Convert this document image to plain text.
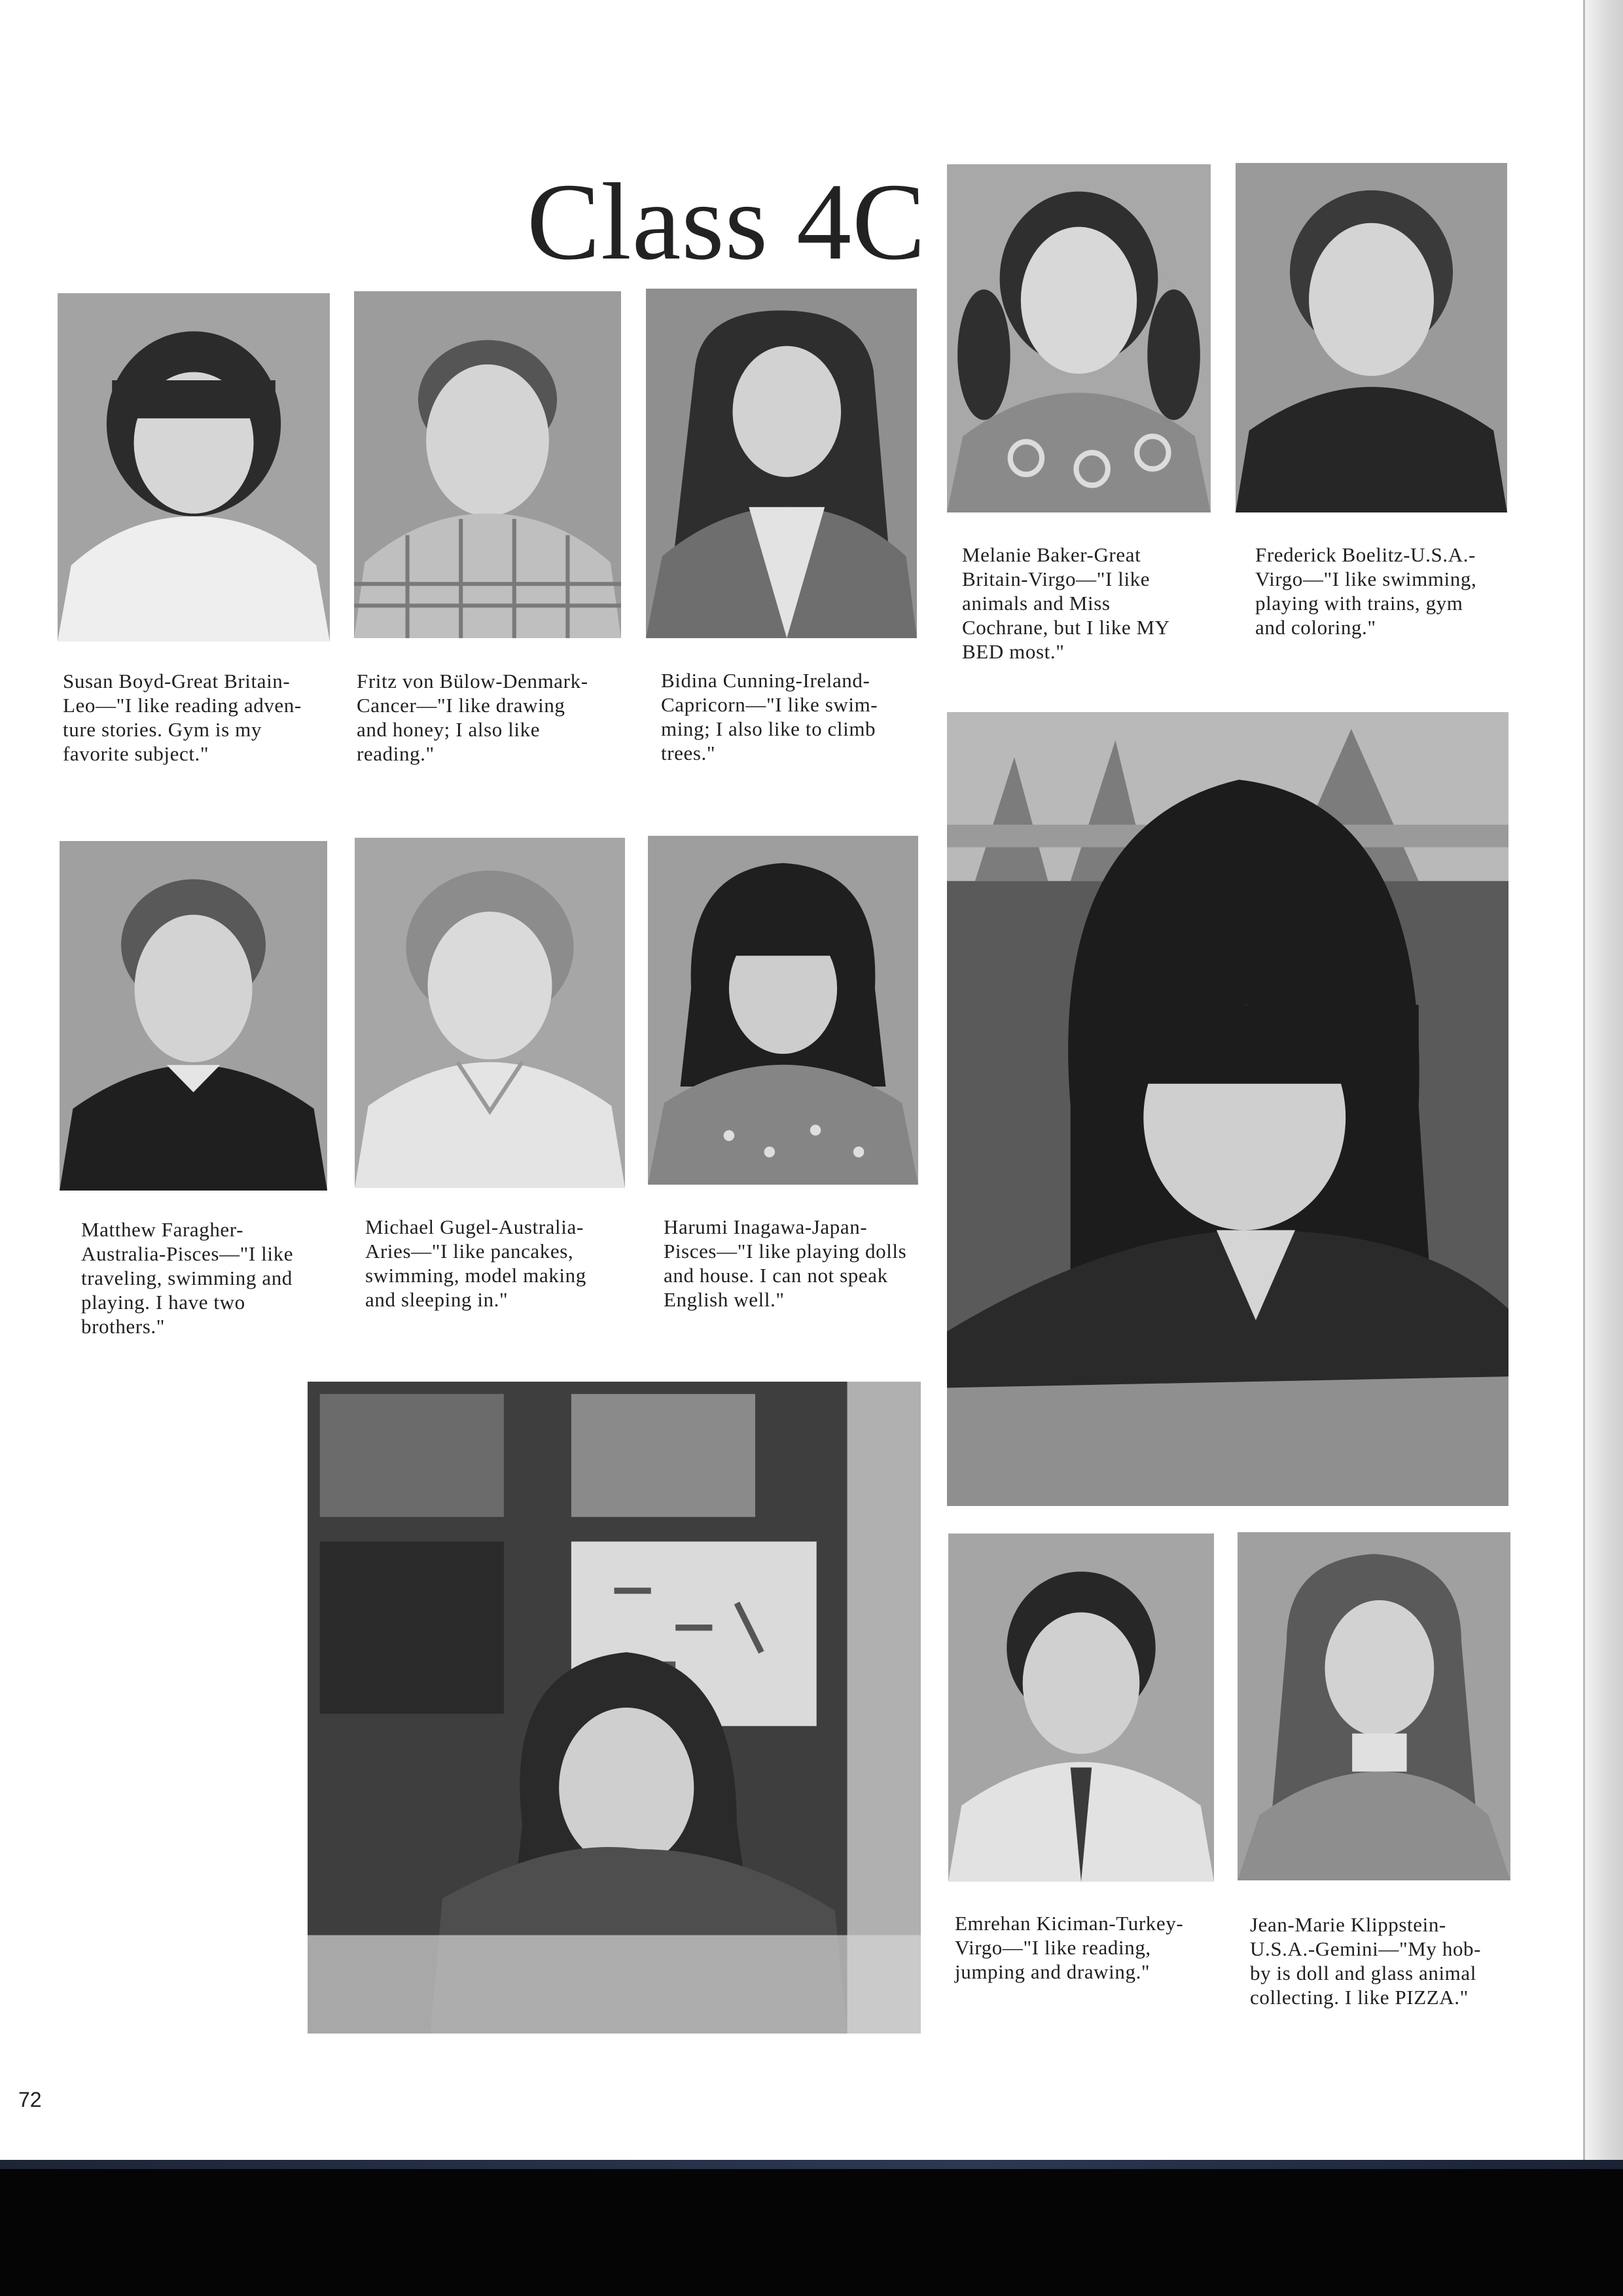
Class 4C
Susan Boyd-Great Britain-
Leo—"I like reading adven-
ture stories. Gym is my
favorite subject."
Fritz von Bülow-Denmark-
Cancer—"I like drawing
and honey; I also like
reading."
Bidina Cunning-Ireland-
Capricorn—"I like swim-
ming; I also like to climb
trees."
Melanie Baker-Great
Britain-Virgo—"I like
animals and Miss
Cochrane, but I like MY
BED most."
Frederick Boelitz-U.S.A.-
Virgo—"I like swimming,
playing with trains, gym
and coloring."
Matthew Faragher-
Australia-Pisces—"I like
traveling, swimming and
playing. I have two
brothers."
Michael Gugel-Australia-
Aries—"I like pancakes,
swimming, model making
and sleeping in."
Harumi Inagawa-Japan-
Pisces—"I like playing dolls
and house. I can not speak
English well."
Emrehan Kiciman-Turkey-
Virgo—"I like reading,
jumping and drawing."
Jean-Marie Klippstein-
U.S.A.-Gemini—"My hob-
by is doll and glass animal
collecting. I like PIZZA."
72
